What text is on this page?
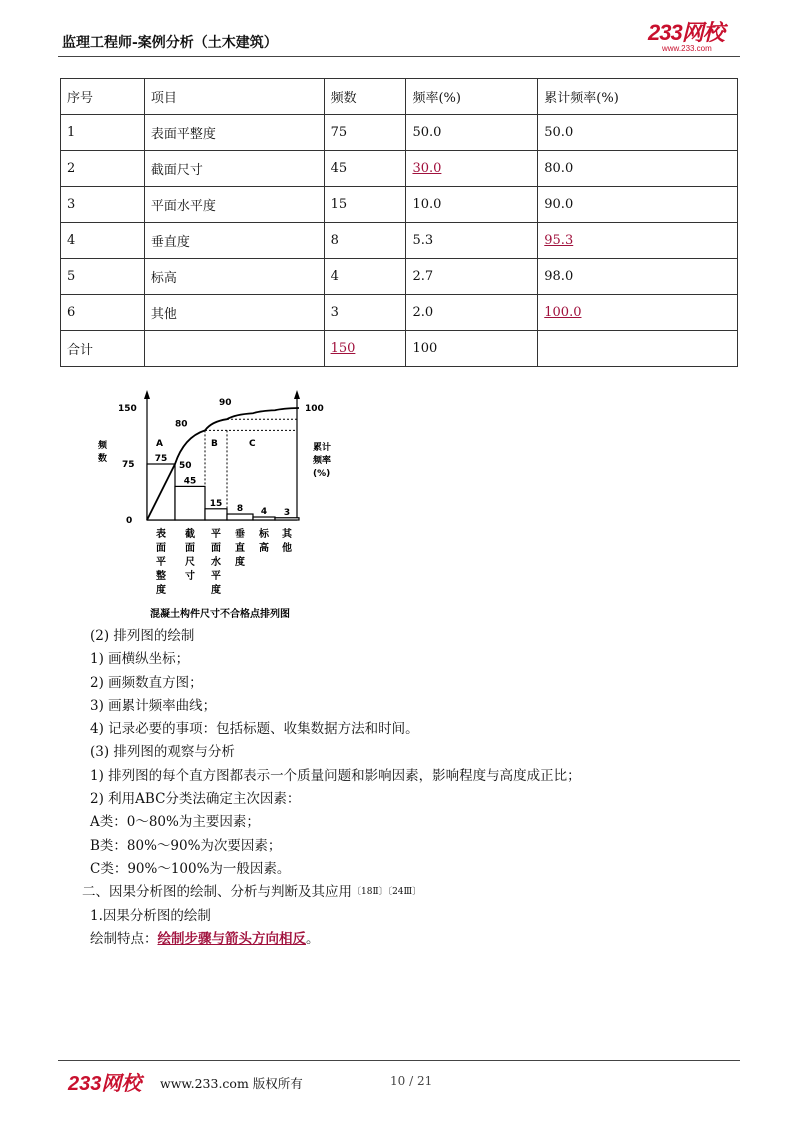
监理工程师-案例分析（土木建筑）	233网校
www.233.com
序号	项目	频数	频率(%)	累计频率(%)
1	表面平整度	75	50.0	50.0
2	截面尺寸	45	30.0	80.0
3	平面水平度	15	10.0	90.0
4	垂直度	8	5.3	95.3
5	标高	4	2.7	98.0
6	其他	3	2.0	100.0
合计		150	100	
75
45
15
8 4 3
50
80
90
A	B	C
150
75
0
100
频
数
累计
频率
(%)
表
面
平
整
度
截
面
尺
寸
平
面
水
平
度
垂
直
度
标
高
其
他
混凝土构件尺寸不合格点排列图
(2) 排列图的绘制
1) 画横纵坐标；
2) 画频数直方图；
3) 画累计频率曲线；
4) 记录必要的事项：包括标题、收集数据方法和时间。
(3) 排列图的观察与分析
1) 排列图的每个直方图都表示一个质量问题和影响因素，影响程度与高度成正比；
2) 利用ABC分类法确定主次因素：
A类：0～80%为主要因素；
B类：80%～90%为次要因素；
C类：90%～100%为一般因素。
二、因果分析图的绘制、分析与判断及其应用$^{〔18Ⅱ〕〔24Ⅲ〕}$
1.因果分析图的绘制
绘制特点：绘制步骤与箭头方向相反。
233网校 www.233.com 版权所有	10 / 21
